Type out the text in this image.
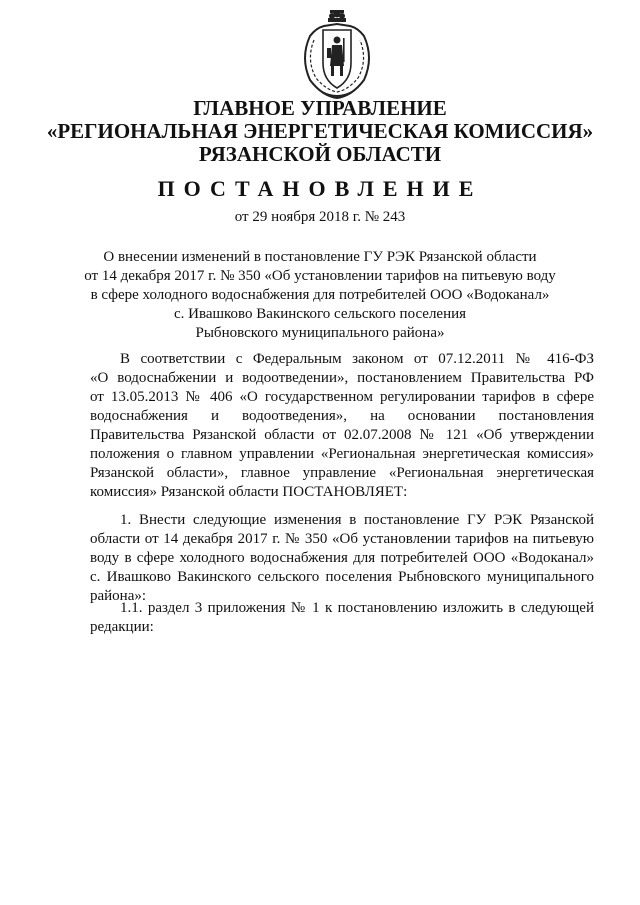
ГЛАВНОЕ УПРАВЛЕНИЕ
«РЕГИОНАЛЬНАЯ ЭНЕРГЕТИЧЕСКАЯ КОМИССИЯ»
РЯЗАНСКОЙ ОБЛАСТИ
ПОСТАНОВЛЕНИЕ
от 29 ноября 2018 г. № 243
О внесении изменений в постановление ГУ РЭК Рязанской области
от 14 декабря 2017 г. № 350 «Об установлении тарифов на питьевую воду
в сфере холодного водоснабжения для потребителей ООО «Водоканал»
с. Ивашково Вакинского сельского поселения
Рыбновского муниципального района»
В соответствии с Федеральным законом от 07.12.2011 № 416-ФЗ
«О водоснабжении и водоотведении», постановлением Правительства РФ
от 13.05.2013 № 406 «О государственном регулировании тарифов в сфере
водоснабжения и водоотведения», на основании постановления
Правительства Рязанской области от 02.07.2008 № 121 «Об утверждении
положения о главном управлении «Региональная энергетическая комиссия»
Рязанской области», главное управление «Региональная энергетическая
комиссия» Рязанской области ПОСТАНОВЛЯЕТ:
1. Внести следующие изменения в постановление ГУ РЭК Рязанской
области от 14 декабря 2017 г. № 350 «Об установлении тарифов на питьевую
воду в сфере холодного водоснабжения для потребителей ООО «Водоканал»
с. Ивашково Вакинского сельского поселения Рыбновского муниципального
района»:
1.1. раздел 3 приложения № 1 к постановлению изложить в следующей
редакции:
